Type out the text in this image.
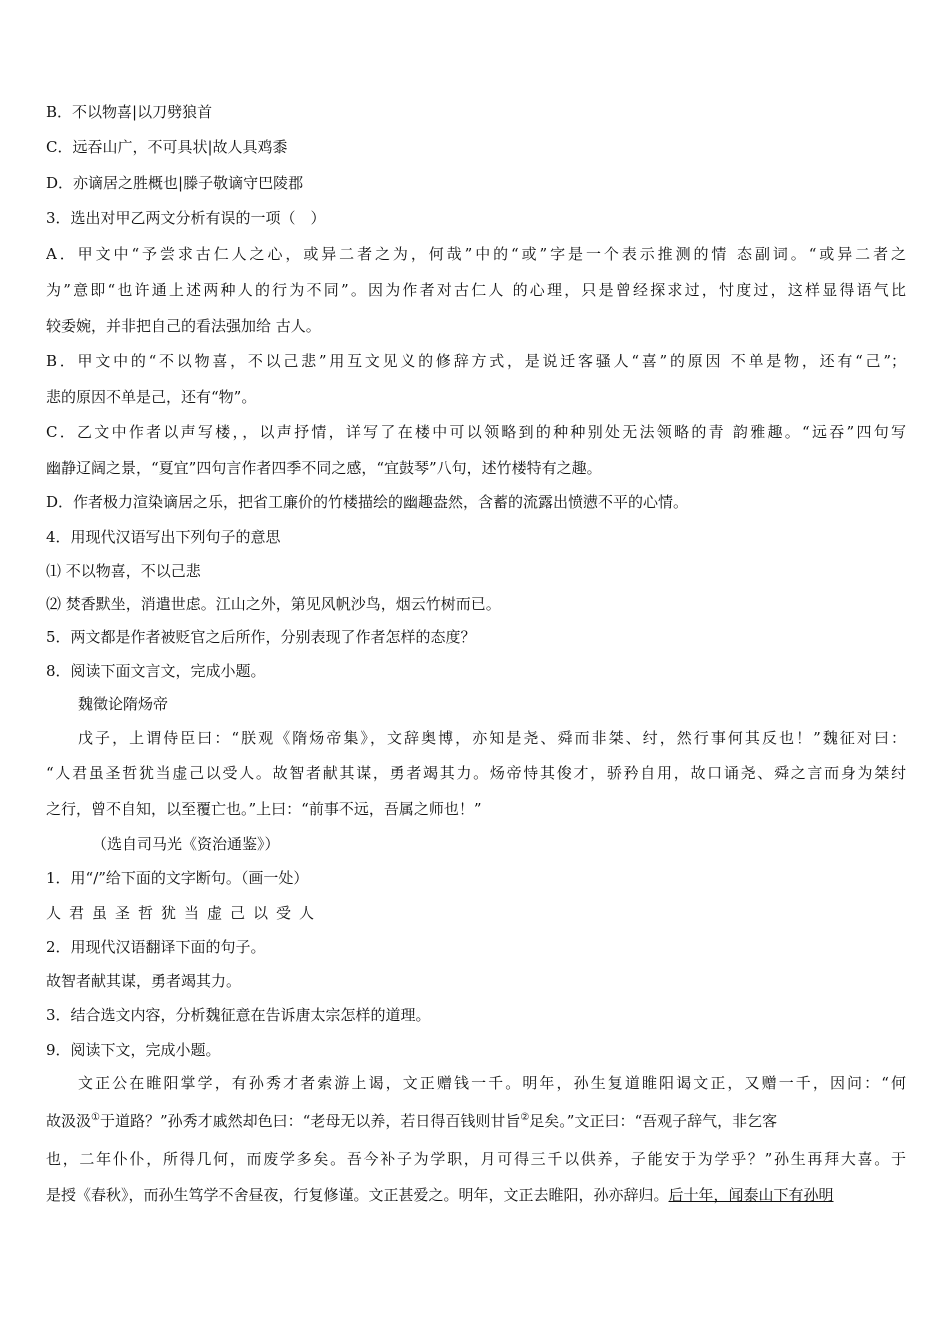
B．不以物喜|以刀劈狼首
C．远吞山广，不可具状|故人具鸡黍
D．亦谪居之胜概也|滕子敬谪守巴陵郡
3．选出对甲乙两文分析有误的一项（　）
A．甲文中“予尝求古仁人之心，或异二者之为，何哉”中的“或”字是一个表示推测的情 态副词。“或异二者之
为”意即“也许通上述两种人的行为不同”。因为作者对古仁人 的心理，只是曾经探求过，忖度过，这样显得语气比
较委婉，并非把自己的看法强加给 古人。
B．甲文中的“不以物喜，不以己悲”用互文见义的修辞方式，是说迁客骚人“喜”的原因 不单是物，还有“己”；
悲的原因不单是己，还有“物”。
C．乙文中作者以声写楼，，以声抒情，详写了在楼中可以领略到的种种别处无法领略的青 韵雅趣。“远吞”四句写
幽静辽阔之景，“夏宜”四句言作者四季不同之感，“宜鼓琴”八句，述竹楼特有之趣。
D．作者极力渲染谪居之乐，把省工廉价的竹楼描绘的幽趣盎然，含蓄的流露出愤懑不平的心情。
4．用现代汉语写出下列句子的意思
⑴ 不以物喜，不以己悲
⑵ 焚香默坐，消遣世虑。江山之外，第见风帆沙鸟，烟云竹树而已。
5．两文都是作者被贬官之后所作，分别表现了作者怎样的态度？
8．阅读下面文言文，完成小题。
魏徵论隋炀帝
戊子，上谓侍臣曰：“朕观《隋炀帝集》，文辞奥博，亦知是尧、舜而非桀、纣，然行事何其反也！”魏征对曰：
“人君虽圣哲犹当虚己以受人。故智者献其谋，勇者竭其力。炀帝恃其俊才，骄矜自用，故口诵尧、舜之言而身为桀纣
之行，曾不自知，以至覆亡也。”上曰：“前事不远，吾属之师也！”
（选自司马光《资治通鉴》）
1．用“/”给下面的文字断句。（画一处）
人君虽圣哲犹当虚己以受人
2．用现代汉语翻译下面的句子。
故智者献其谋，勇者竭其力。
3．结合选文内容，分析魏征意在告诉唐太宗怎样的道理。
9．阅读下文，完成小题。
文正公在睢阳掌学，有孙秀才者索游上谒，文正赠钱一千。明年，孙生复道睢阳谒文正，又赠一千，因问：“何
故汲汲①于道路？”孙秀才戚然却色曰：“老母无以养，若日得百钱则甘旨②足矣。”文正曰：“吾观子辞气，非乞客
也，二年仆仆，所得几何，而废学多矣。吾今补子为学职，月可得三千以供养，子能安于为学乎？”孙生再拜大喜。于
是授《春秋》，而孙生笃学不舍昼夜，行复修谨。文正甚爱之。明年，文正去睢阳，孙亦辞归。后十年，闻泰山下有孙明
